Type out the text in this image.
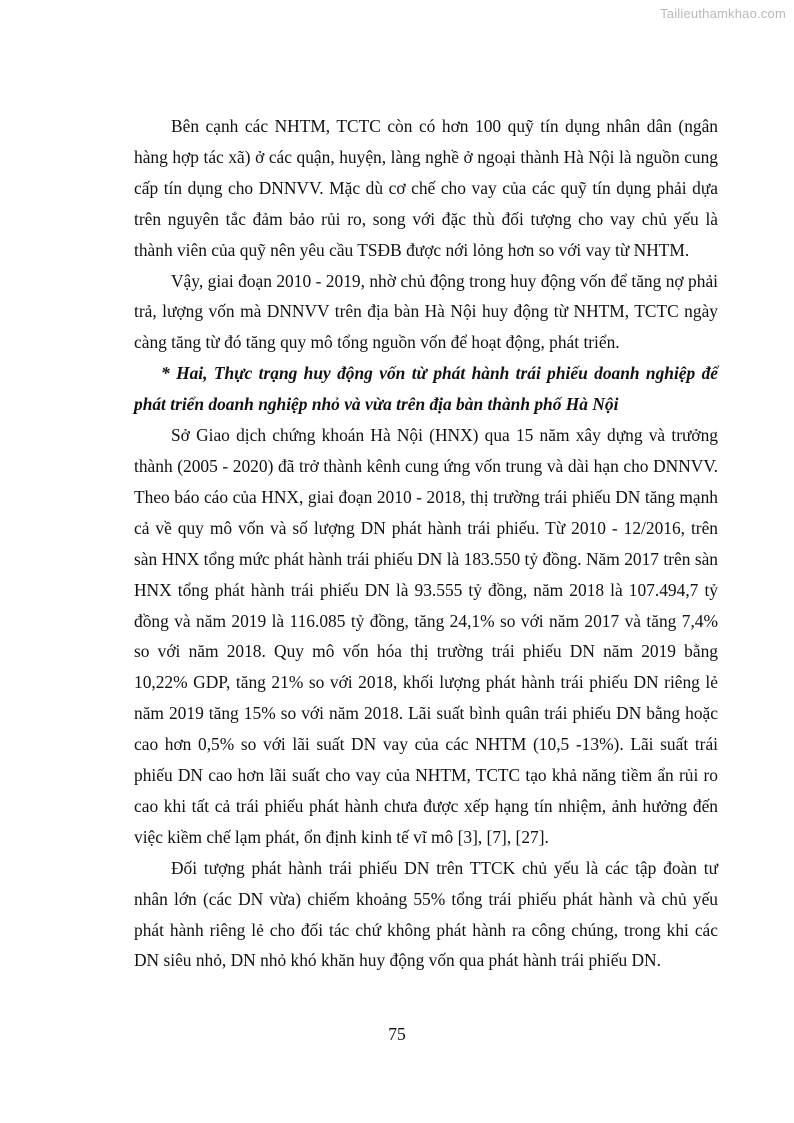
Tailieuthamkhao.com

Bên cạnh các NHTM, TCTC còn có hơn 100 quỹ tín dụng nhân dân (ngân hàng hợp tác xã) ở các quận, huyện, làng nghề ở ngoại thành Hà Nội là nguồn cung cấp tín dụng cho DNNVV. Mặc dù cơ chế cho vay của các quỹ tín dụng phải dựa trên nguyên tắc đảm bảo rủi ro, song với đặc thù đối tượng cho vay chủ yếu là thành viên của quỹ nên yêu cầu TSĐB được nới lỏng hơn so với vay từ NHTM.

Vậy, giai đoạn 2010 - 2019, nhờ chủ động trong huy động vốn để tăng nợ phải trả, lượng vốn mà DNNVV trên địa bàn Hà Nội huy động từ NHTM, TCTC ngày càng tăng từ đó tăng quy mô tổng nguồn vốn để hoạt động, phát triển.

* Hai, Thực trạng huy động vốn từ phát hành trái phiếu doanh nghiệp để phát triển doanh nghiệp nhỏ và vừa trên địa bàn thành phố Hà Nội

Sở Giao dịch chứng khoán Hà Nội (HNX) qua 15 năm xây dựng và trưởng thành (2005 - 2020) đã trở thành kênh cung ứng vốn trung và dài hạn cho DNNVV. Theo báo cáo của HNX, giai đoạn 2010 - 2018, thị trường trái phiếu DN tăng mạnh cả về quy mô vốn và số lượng DN phát hành trái phiếu. Từ 2010 - 12/2016, trên sàn HNX tổng mức phát hành trái phiếu DN là 183.550 tỷ đồng. Năm 2017 trên sàn HNX tổng phát hành trái phiếu DN là 93.555 tỷ đồng, năm 2018 là 107.494,7 tỷ đồng và năm 2019 là 116.085 tỷ đồng, tăng 24,1% so với năm 2017 và tăng 7,4% so với năm 2018. Quy mô vốn hóa thị trường trái phiếu DN năm 2019 bằng 10,22% GDP, tăng 21% so với 2018, khối lượng phát hành trái phiếu DN riêng lẻ năm 2019 tăng 15% so với năm 2018. Lãi suất bình quân trái phiếu DN bằng hoặc cao hơn 0,5% so với lãi suất DN vay của các NHTM (10,5 -13%). Lãi suất trái phiếu DN cao hơn lãi suất cho vay của NHTM, TCTC tạo khả năng tiềm ẩn rủi ro cao khi tất cả trái phiếu phát hành chưa được xếp hạng tín nhiệm, ảnh hưởng đến việc kiềm chế lạm phát, ổn định kinh tế vĩ mô [3], [7], [27].

Đối tượng phát hành trái phiếu DN trên TTCK chủ yếu là các tập đoàn tư nhân lớn (các DN vừa) chiếm khoảng 55% tổng trái phiếu phát hành và chủ yếu phát hành riêng lẻ cho đối tác chứ không phát hành ra công chúng, trong khi các DN siêu nhỏ, DN nhỏ khó khăn huy động vốn qua phát hành trái phiếu DN.

75
